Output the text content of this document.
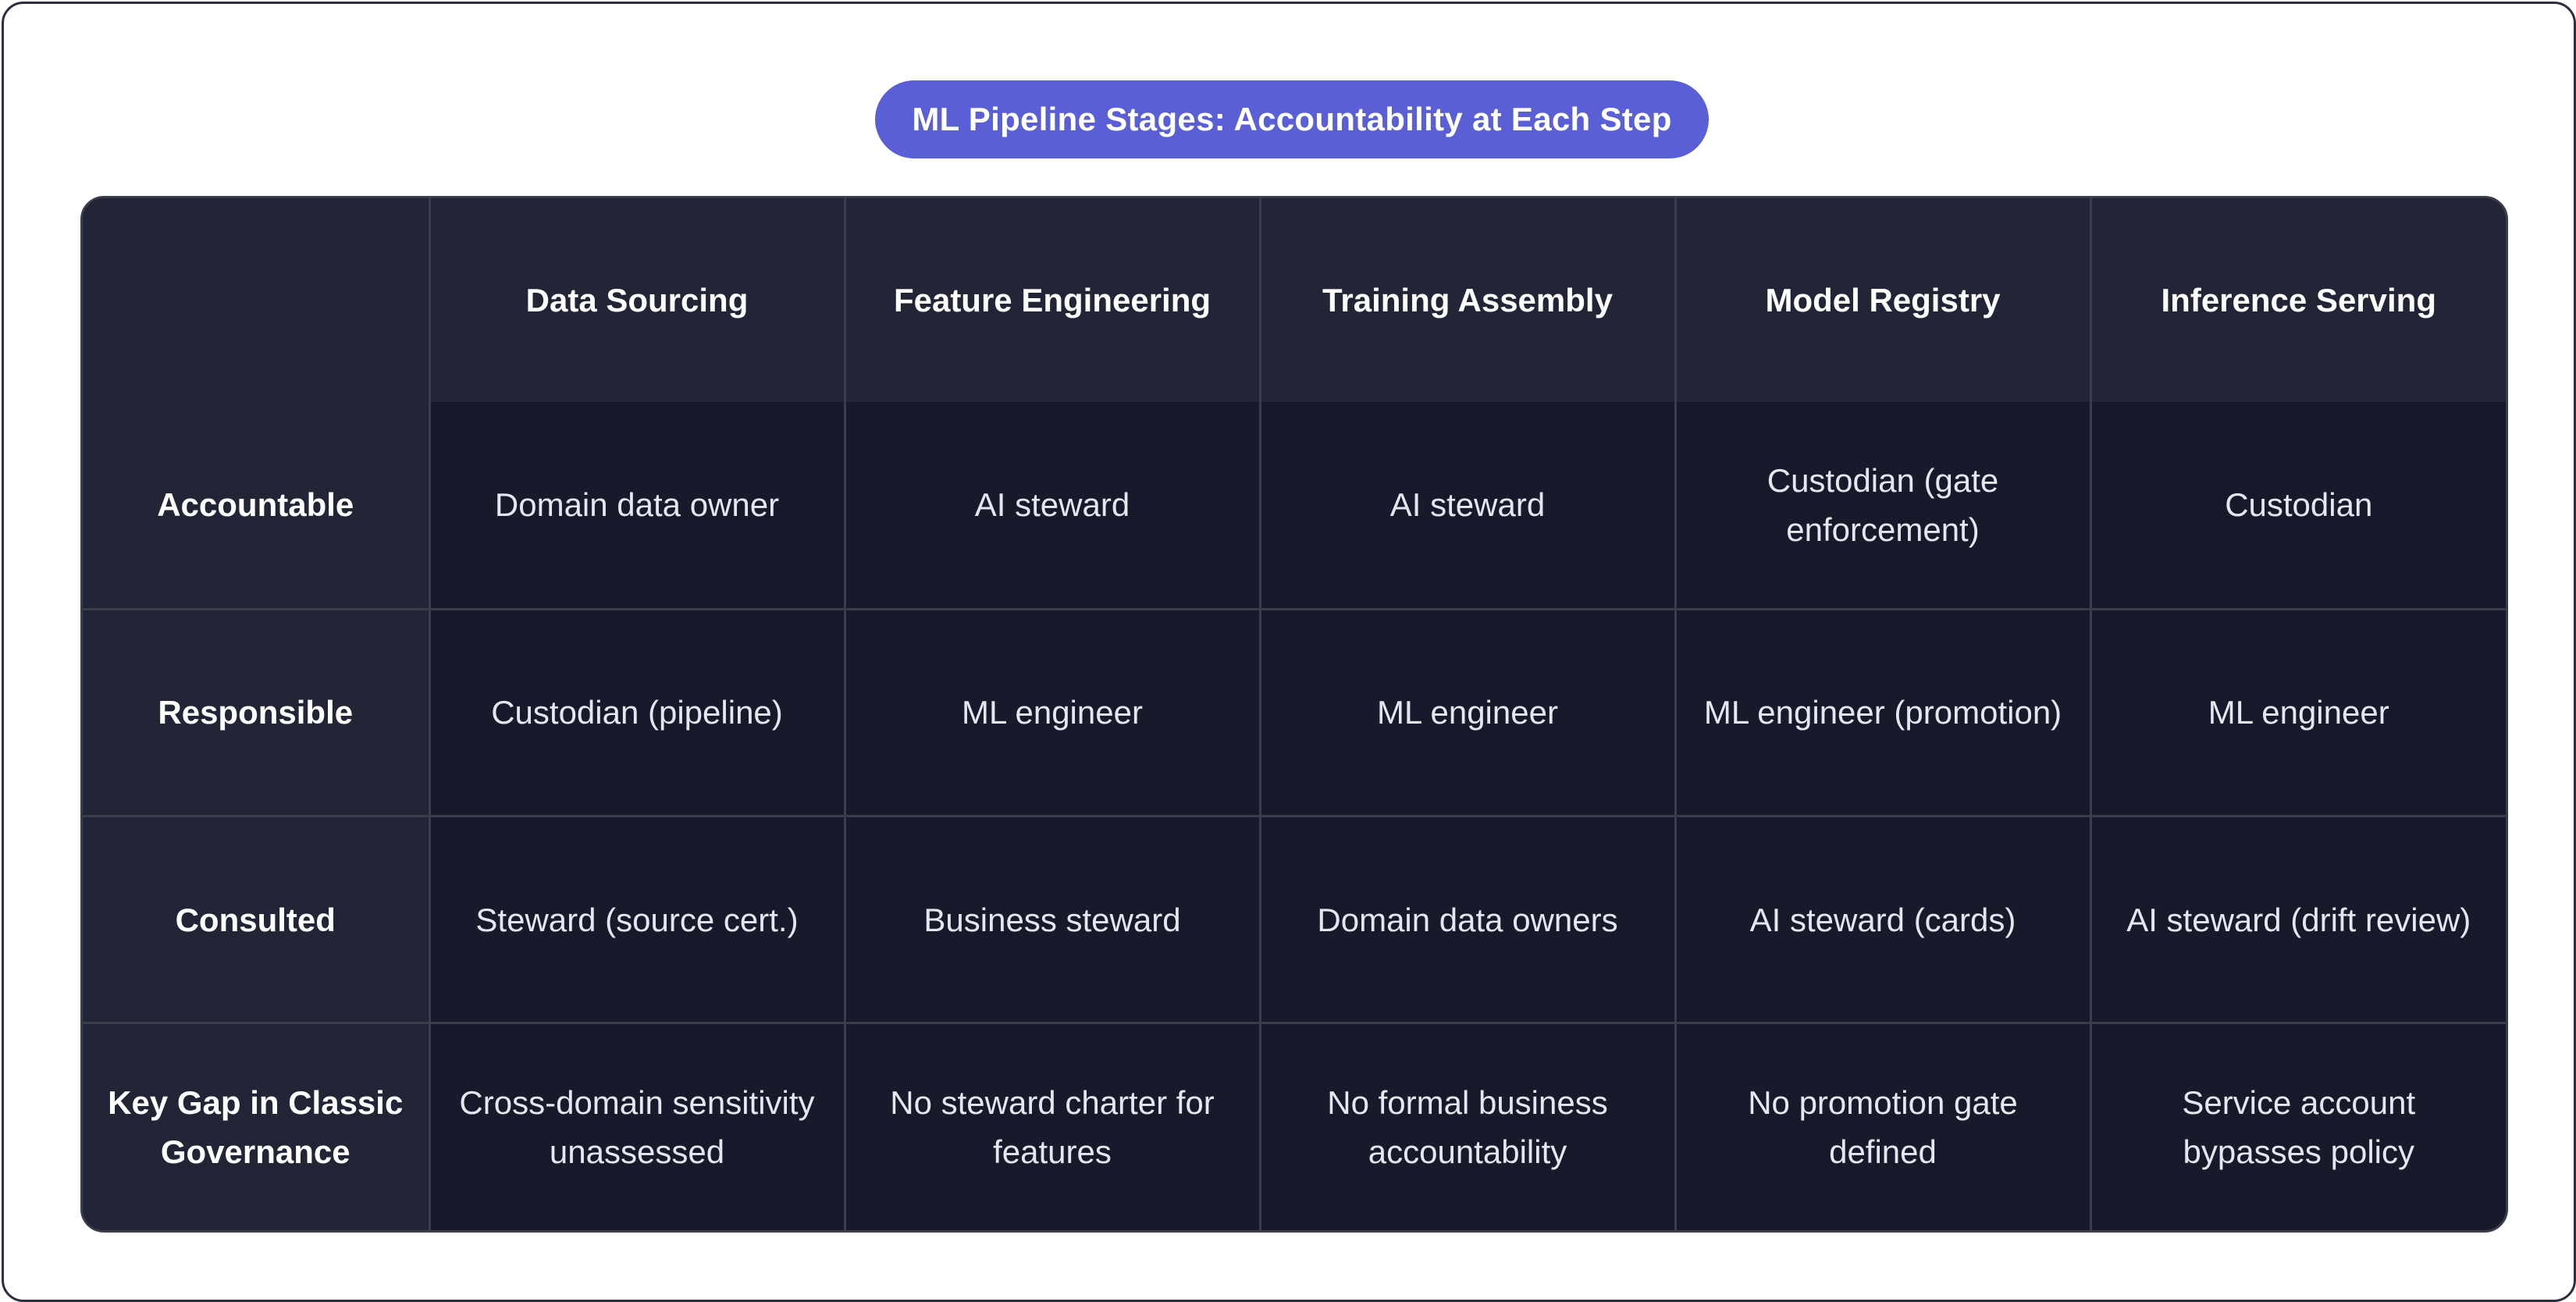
ML Pipeline Stages: Accountability at Each Step
	Data Sourcing	Feature Engineering	Training Assembly	Model Registry	Inference Serving
Accountable	Domain data owner	AI steward	AI steward	Custodian (gate enforcement)	Custodian
Responsible	Custodian (pipeline)	ML engineer	ML engineer	ML engineer (promotion)	ML engineer
Consulted	Steward (source cert.)	Business steward	Domain data owners	AI steward (cards)	AI steward (drift review)
Key Gap in Classic Governance	Cross-domain sensitivity unassessed	No steward charter for features	No formal business accountability	No promotion gate defined	Service account bypasses policy
